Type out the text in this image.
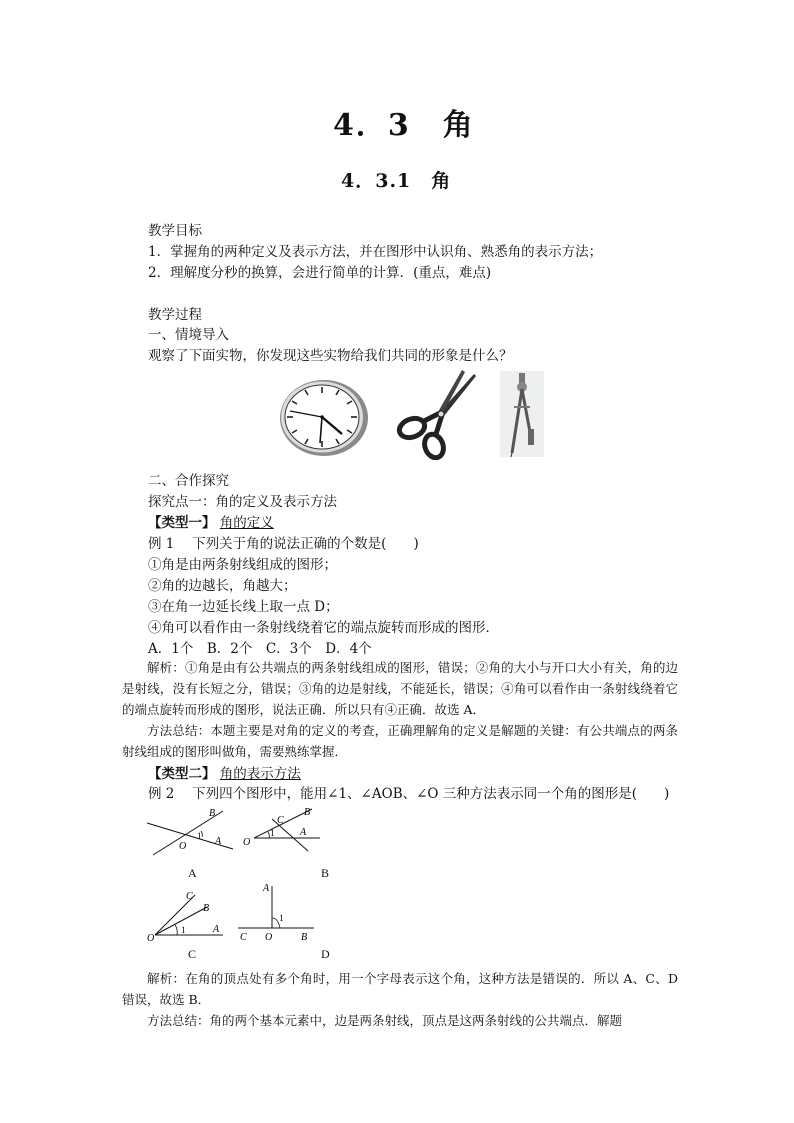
4．3　角
4．3.1　角
教学目标
1．掌握角的两种定义及表示方法，并在图形中认识角、熟悉角的表示方法；
2．理解度分秒的换算，会进行简单的计算．(重点，难点)
教学过程
一、情境导入
观察了下面实物，你发现这些实物给我们共同的形象是什么？
二、合作探究
探究点一：角的定义及表示方法
【类型一】 角的定义
例 1　 下列关于角的说法正确的个数是(　　)
①角是由两条射线组成的图形；
②角的边越长，角越大；
③在角一边延长线上取一点 D；
④角可以看作由一条射线绕着它的端点旋转而形成的图形．
A．1个　B．2个　C．3个　D．4个
解析：①角是由有公共端点的两条射线组成的图形，错误；②角的大小与开口大小有关，角的边是射线，没有长短之分，错误；③角的边是射线，不能延长，错误；④角可以看作由一条射线绕着它的端点旋转而形成的图形，说法正确．所以只有④正确．故选 A．
方法总结：本题主要是对角的定义的考查，正确理解角的定义是解题的关键：有公共端点的两条射线组成的图形叫做角，需要熟练掌握．
【类型二】 角的表示方法
例 2　 下列四个图形中，能用∠1、∠AOB、∠O 三种方法表示同一个角的图形是(　　)
B
1 A
O
A
B
C
1	A
O
B
C
B
1	A
O
C
A
1
C O	B
D
解析：在角的顶点处有多个角时，用一个字母表示这个角，这种方法是错误的．所以 A、C、D 错误，故选 B．
方法总结：角的两个基本元素中，边是两条射线，顶点是这两条射线的公共端点．解题
